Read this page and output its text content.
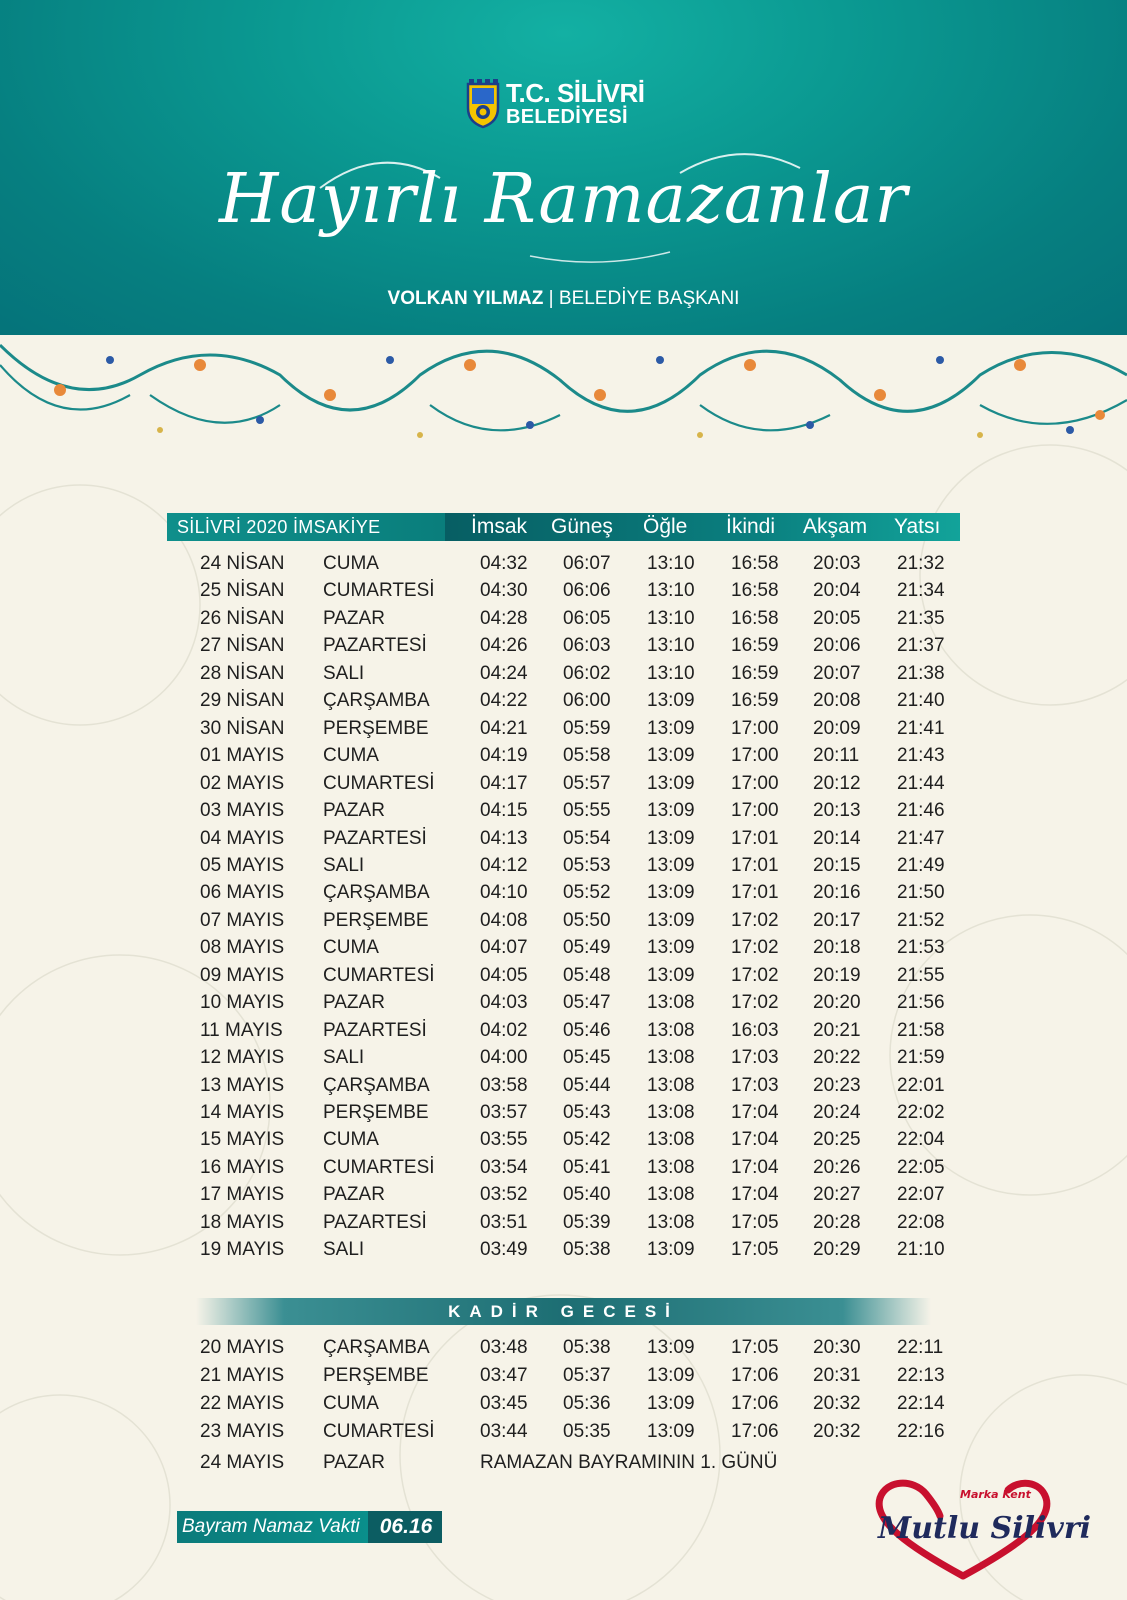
T.C. SİLİVRİ
BELEDİYESİ
Hayırlı Ramazanlar
VOLKAN YILMAZ | BELEDİYE BAŞKANI
SİLİVRİ 2020 İMSAKİYE	İmsak Güneş Öğle İkindi Akşam Yatsı
24 NİSAN CUMA	04:32 06:07 13:10 16:58 20:03 21:32
25 NİSAN CUMARTESİ 04:30 06:06 13:10 16:58 20:04 21:34
26 NİSAN PAZAR	04:28 06:05 13:10 16:58 20:05 21:35
27 NİSAN PAZARTESİ	04:26 06:03 13:10 16:59 20:06 21:37
28 NİSAN SALI	04:24 06:02 13:10 16:59 20:07 21:38
29 NİSAN ÇARŞAMBA	04:22 06:00 13:09 16:59 20:08 21:40
30 NİSAN PERŞEMBE	04:21 05:59 13:09 17:00 20:09 21:41
01 MAYIS CUMA	04:19 05:58 13:09 17:00 20:11 21:43
02 MAYIS CUMARTESİ 04:17 05:57 13:09 17:00 20:12 21:44
03 MAYIS PAZAR	04:15 05:55 13:09 17:00 20:13 21:46
04 MAYIS PAZARTESİ	04:13 05:54 13:09 17:01 20:14 21:47
05 MAYIS SALI	04:12 05:53 13:09 17:01 20:15 21:49
06 MAYIS ÇARŞAMBA	04:10 05:52 13:09 17:01 20:16 21:50
07 MAYIS PERŞEMBE	04:08 05:50 13:09 17:02 20:17 21:52
08 MAYIS CUMA	04:07 05:49 13:09 17:02 20:18 21:53
09 MAYIS CUMARTESİ 04:05 05:48 13:09 17:02 20:19 21:55
10 MAYIS PAZAR	04:03 05:47 13:08 17:02 20:20 21:56
11 MAYIS PAZARTESİ	04:02 05:46 13:08 16:03 20:21 21:58
12 MAYIS SALI	04:00 05:45 13:08 17:03 20:22 21:59
13 MAYIS ÇARŞAMBA	03:58 05:44 13:08 17:03 20:23 22:01
14 MAYIS PERŞEMBE	03:57 05:43 13:08 17:04 20:24 22:02
15 MAYIS CUMA	03:55 05:42 13:08 17:04 20:25 22:04
16 MAYIS CUMARTESİ 03:54 05:41 13:08 17:04 20:26 22:05
17 MAYIS PAZAR	03:52 05:40 13:08 17:04 20:27 22:07
18 MAYIS PAZARTESİ	03:51 05:39 13:08 17:05 20:28 22:08
19 MAYIS SALI	03:49 05:38 13:09 17:05 20:29 21:10
KADİR GECESİ
20 MAYIS ÇARŞAMBA	03:48 05:38 13:09 17:05 20:30 22:11
21 MAYIS PERŞEMBE	03:47 05:37 13:09 17:06 20:31 22:13
22 MAYIS CUMA	03:45 05:36 13:09 17:06 20:32 22:14
23 MAYIS CUMARTESİ 03:44 05:35 13:09 17:06 20:32 22:16
24 MAYIS PAZAR	RAMAZAN BAYRAMININ 1. GÜNÜ
Bayram Namaz Vakti 06.16
Marka Kent
Mutlu Silivri
